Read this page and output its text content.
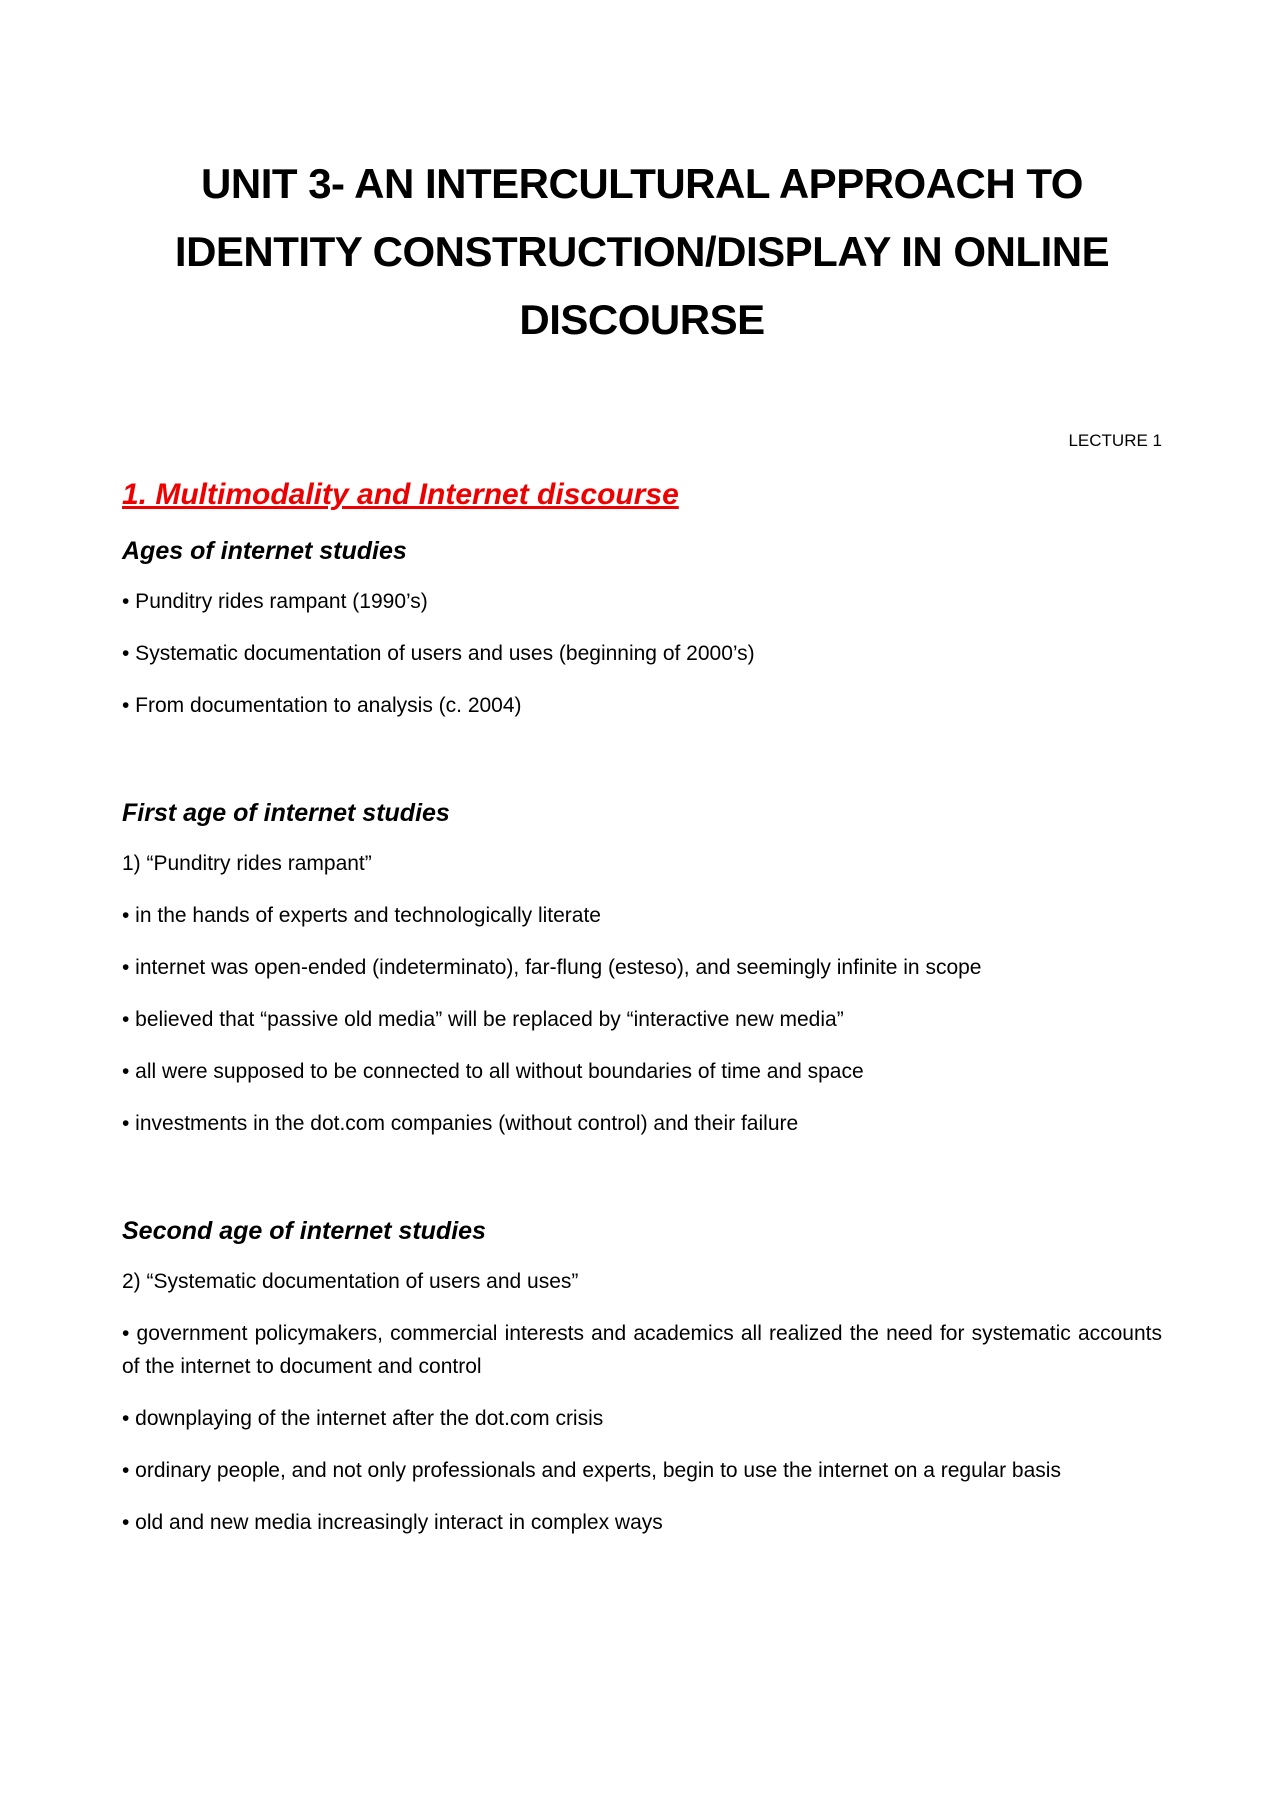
UNIT 3- AN INTERCULTURAL APPROACH TO
IDENTITY CONSTRUCTION/DISPLAY IN ONLINE
DISCOURSE
LECTURE 1
1. Multimodality and Internet discourse
Ages of internet studies

• Punditry rides rampant (1990’s)

• Systematic documentation of users and uses (beginning of 2000’s)

• From documentation to analysis (c. 2004)

First age of internet studies

1) “Punditry rides rampant”

• in the hands of experts and technologically literate

• internet was open-ended (indeterminato), far-flung (esteso), and seemingly infinite in scope

• believed that “passive old media” will be replaced by “interactive new media”

• all were supposed to be connected to all without boundaries of time and space

• investments in the dot.com companies (without control) and their failure

Second age of internet studies

2) “Systematic documentation of users and uses”

• government policymakers, commercial interests and academics all realized the need for systematic accounts of the internet to document and control

• downplaying of the internet after the dot.com crisis

• ordinary people, and not only professionals and experts, begin to use the internet on a regular basis

• old and new media increasingly interact in complex ways
